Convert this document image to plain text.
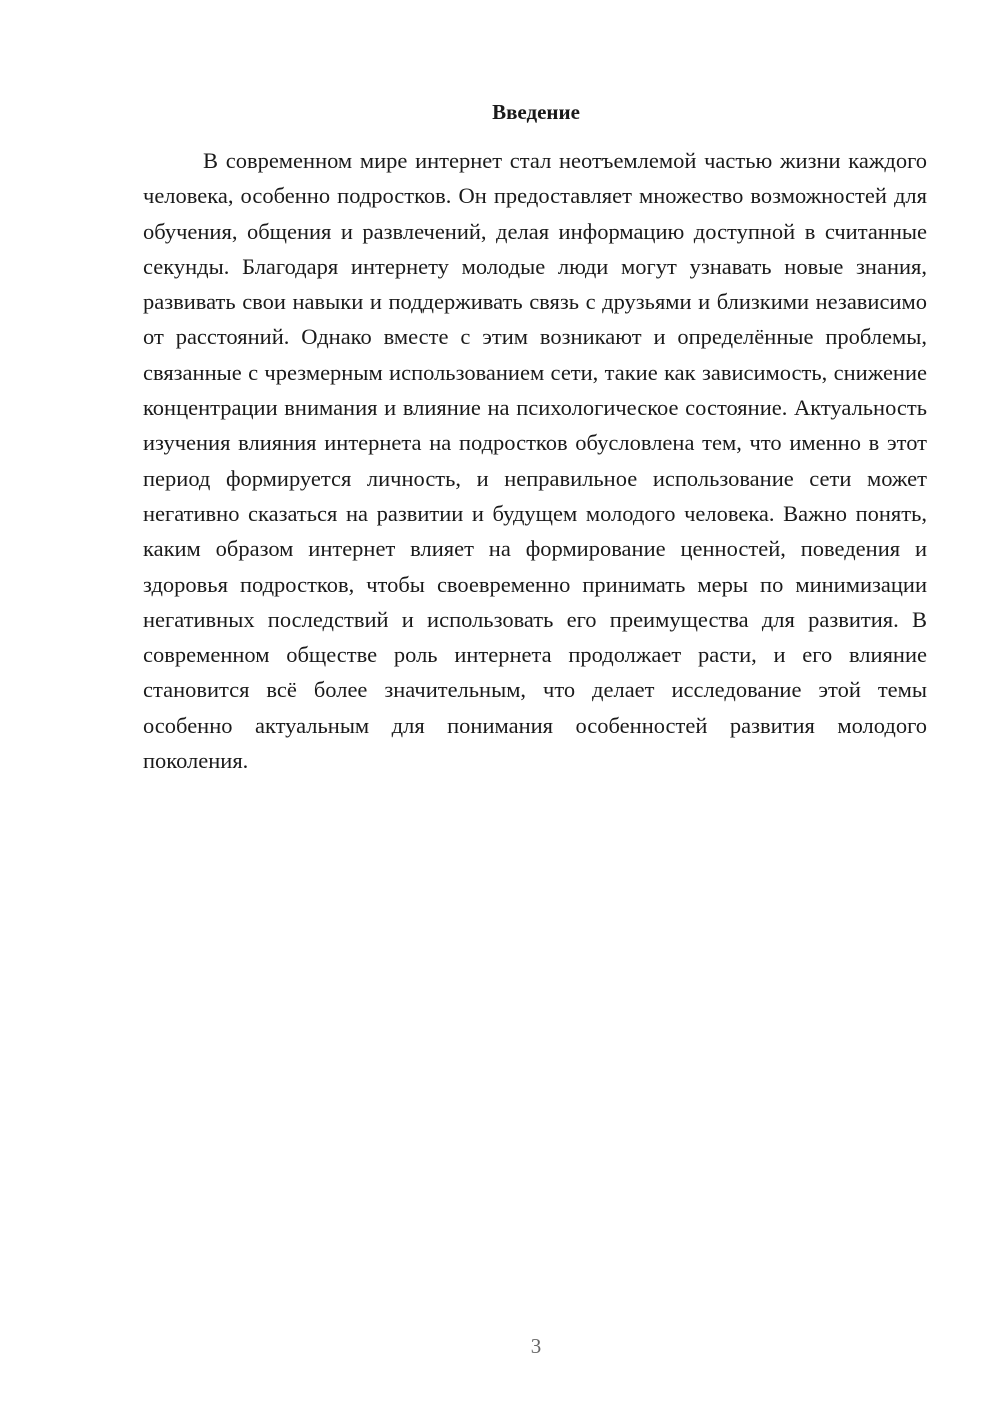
Введение

В современном мире интернет стал неотъемлемой частью жизни каждого человека, особенно подростков. Он предоставляет множество возможностей для обучения, общения и развлечений, делая информацию доступной в считанные секунды. Благодаря интернету молодые люди могут узнавать новые знания, развивать свои навыки и поддерживать связь с друзьями и близкими независимо от расстояний. Однако вместе с этим возникают и определённые проблемы, связанные с чрезмерным использованием сети, такие как зависимость, снижение концентрации внимания и влияние на психологическое состояние. Актуальность изучения влияния интернета на подростков обусловлена тем, что именно в этот период формируется личность, и неправильное использование сети может негативно сказаться на развитии и будущем молодого человека. Важно понять, каким образом интернет влияет на формирование ценностей, поведения и здоровья подростков, чтобы своевременно принимать меры по минимизации негативных последствий и использовать его преимущества для развития. В современном обществе роль интернета продолжает расти, и его влияние становится всё более значительным, что делает исследование этой темы особенно актуальным для понимания особенностей развития молодого поколения.

3
